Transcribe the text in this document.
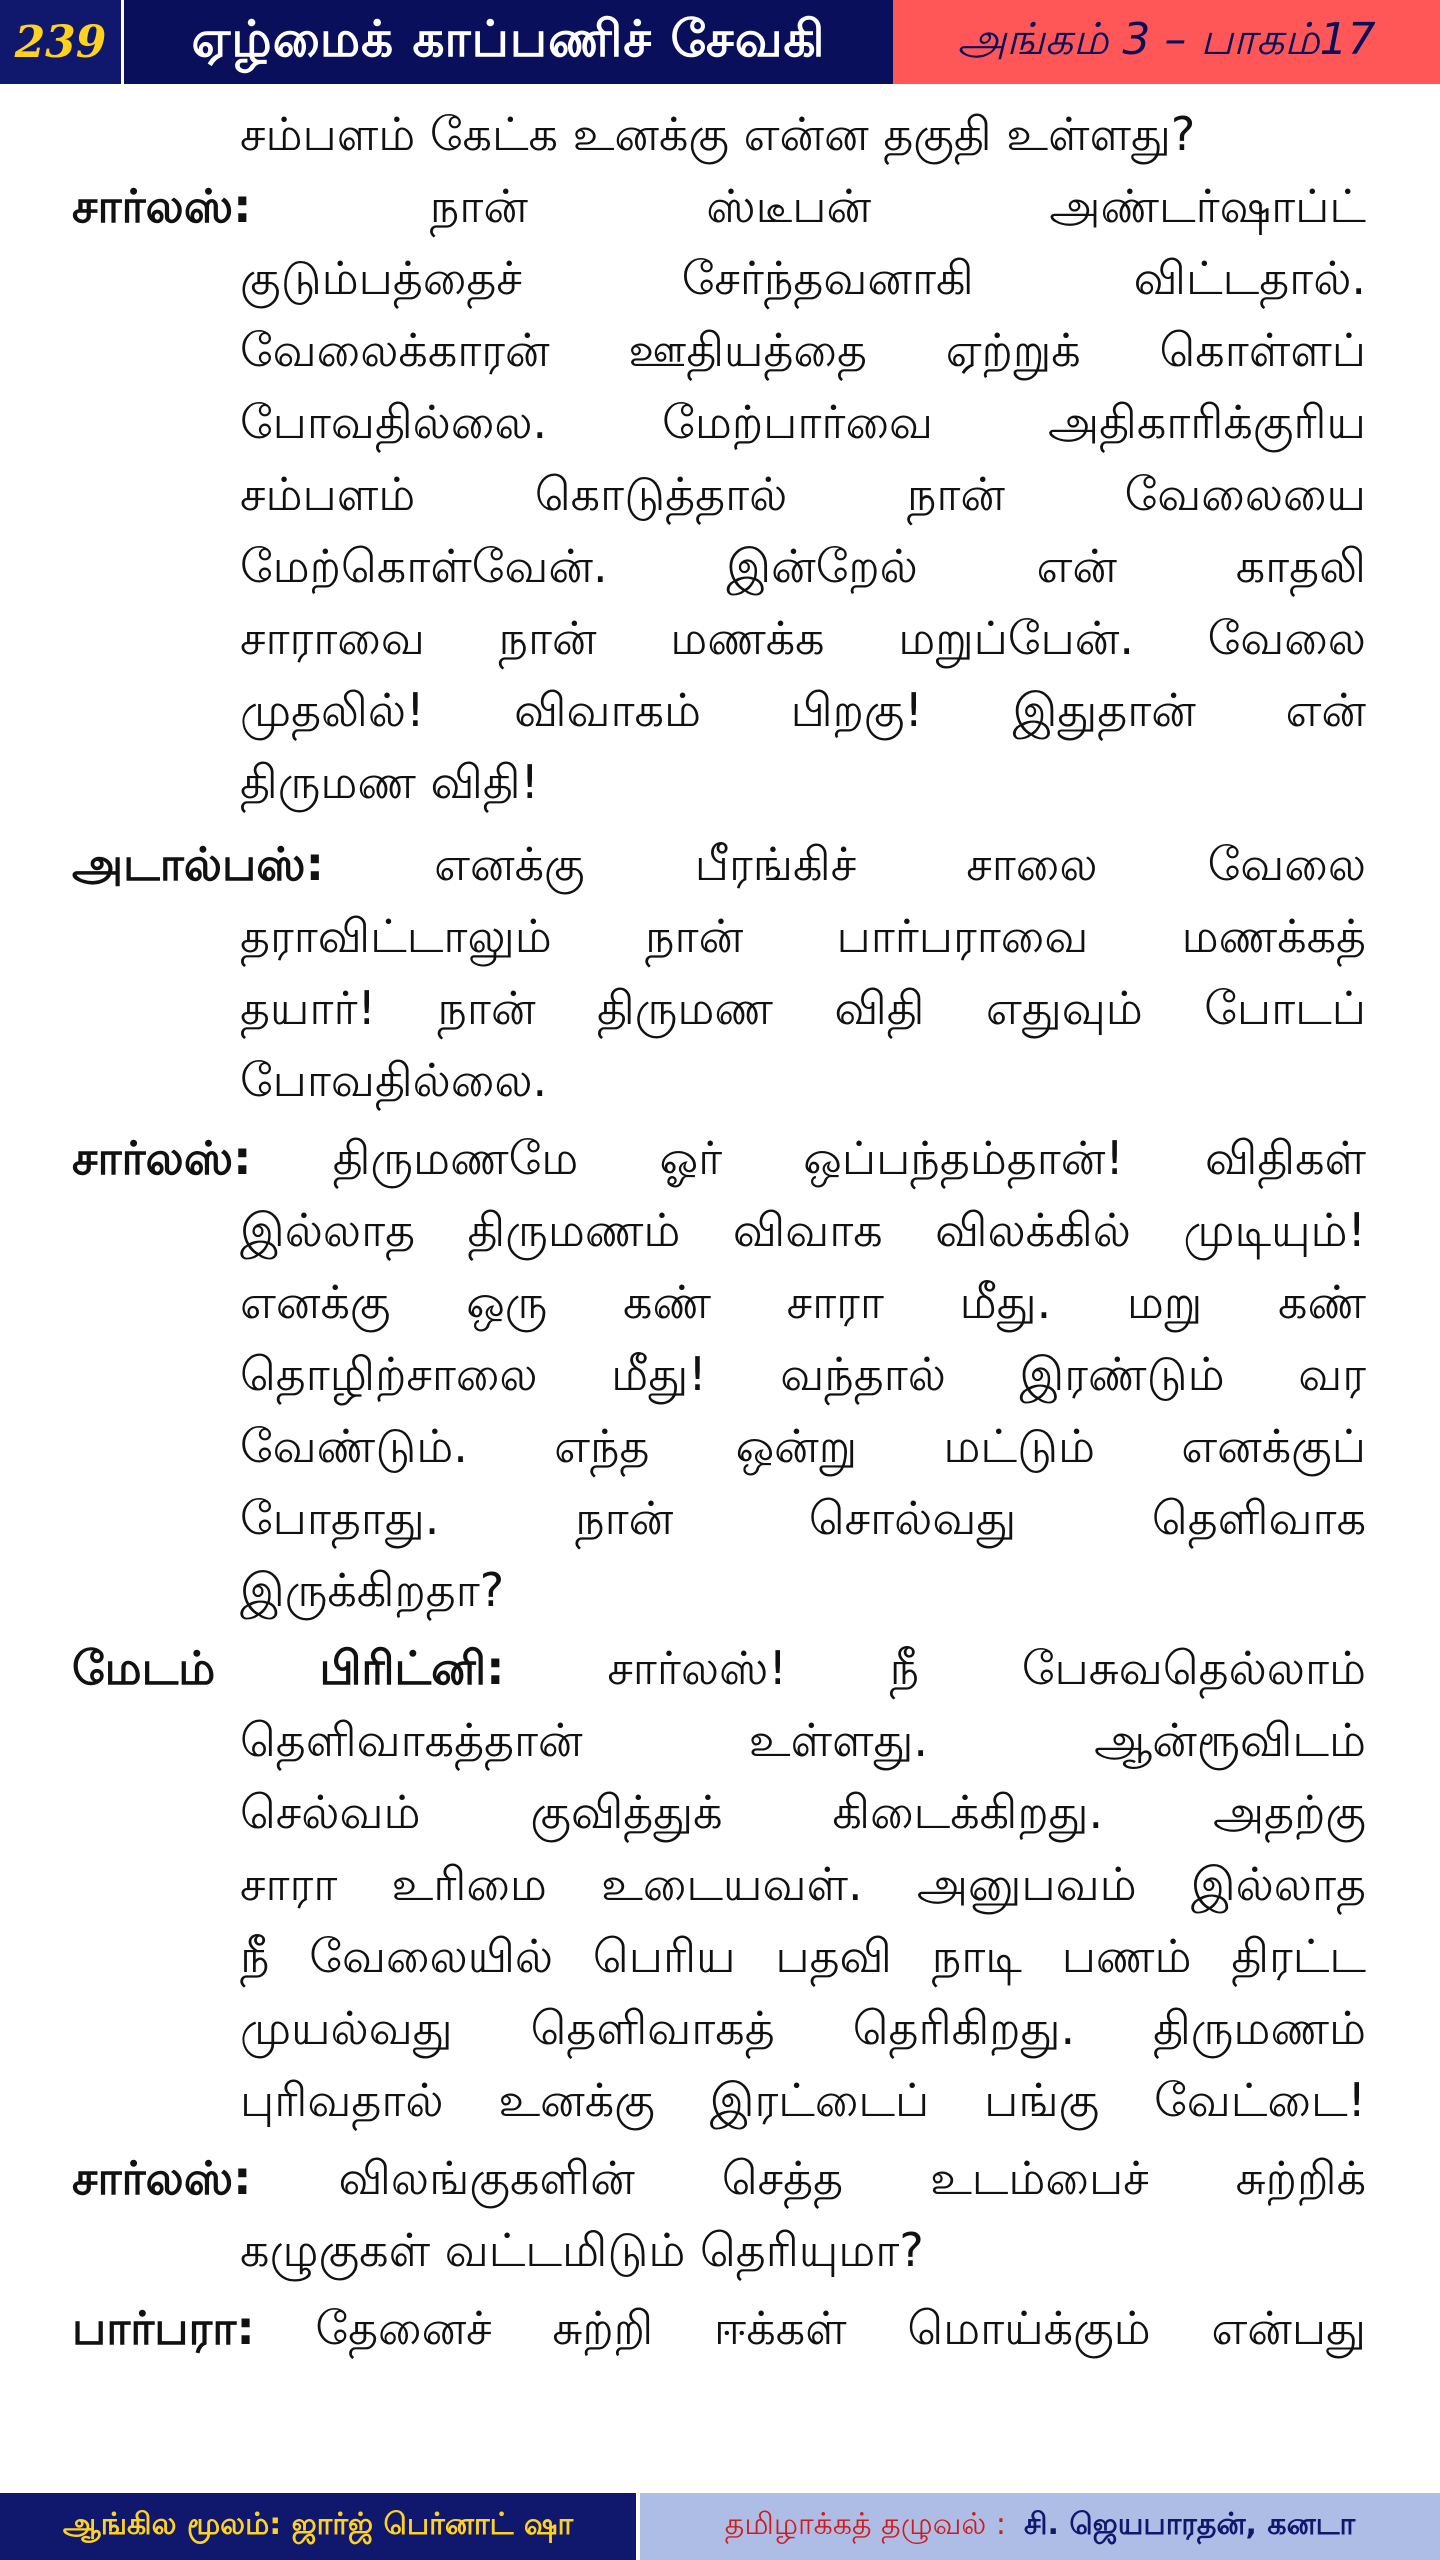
239	ஏழ்மைக் காப்பணிச் சேவகி	அங்கம் 3 – பாகம்17
சம்பளம் கேட்க உனக்கு என்ன தகுதி உள்ளது?
சார்லஸ்:	நான் ஸ்டீபன் அண்டர்ஷாப்ட்
குடும்பத்தைச் சேர்ந்தவனாகி விட்டதால்.
வேலைக்காரன் ஊதியத்தை ஏற்றுக் கொள்ளப்
போவதில்லை. மேற்பார்வை அதிகாரிக்குரிய
சம்பளம் கொடுத்தால் நான் வேலையை
மேற்கொள்வேன். இன்றேல் என் காதலி
சாராவை நான் மணக்க மறுப்பேன். வேலை
முதலில்! விவாகம் பிறகு! இதுதான் என்
திருமண விதி!
அடால்பஸ்: எனக்கு பீரங்கிச் சாலை வேலை
தராவிட்டாலும் நான் பார்பராவை மணக்கத்
தயார்! நான் திருமண விதி எதுவும் போடப்
போவதில்லை.
சார்லஸ்: திருமணமே ஓர் ஒப்பந்தம்தான்! விதிகள்
இல்லாத திருமணம் விவாக விலக்கில் முடியும்!
எனக்கு ஒரு கண் சாரா மீது. மறு கண்
தொழிற்சாலை மீது! வந்தால் இரண்டும் வர
வேண்டும். எந்த ஒன்று மட்டும் எனக்குப்
போதாது. நான் சொல்வது தெளிவாக
இருக்கிறதா?
மேடம் பிரிட்னி: சார்லஸ்! நீ பேசுவதெல்லாம்
தெளிவாகத்தான் உள்ளது. ஆன்ரூவிடம்
செல்வம் குவித்துக் கிடைக்கிறது. அதற்கு
சாரா உரிமை உடையவள். அனுபவம் இல்லாத
நீ வேலையில் பெரிய பதவி நாடி பணம் திரட்ட
முயல்வது தெளிவாகத் தெரிகிறது. திருமணம்
புரிவதால் உனக்கு இரட்டைப் பங்கு வேட்டை!
சார்லஸ்: விலங்குகளின் செத்த உடம்பைச் சுற்றிக்
கழுகுகள் வட்டமிடும் தெரியுமா?
பார்பரா: தேனைச் சுற்றி ஈக்கள் மொய்க்கும் என்பது
ஆங்கில மூலம்: ஜார்ஜ் பெர்னாட் ஷா	தமிழாக்கத் தழுவல் : சி. ஜெயபாரதன், கனடா
